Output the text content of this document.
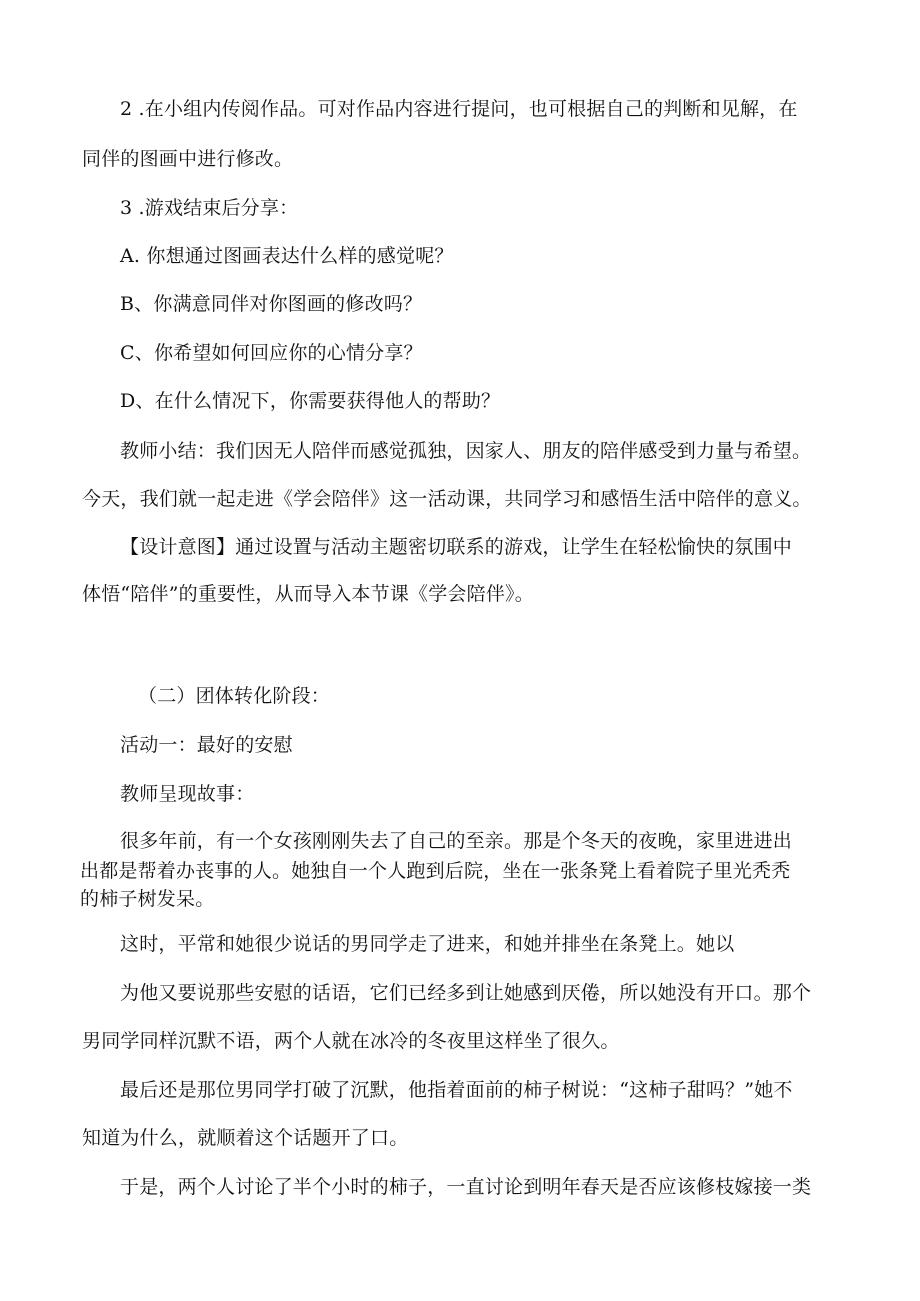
2 .在小组内传阅作品。可对作品内容进行提问，也可根据自己的判断和见解，在
同伴的图画中进行修改。
3 .游戏结束后分享：
A. 你想通过图画表达什么样的感觉呢？
B、你满意同伴对你图画的修改吗？
C、你希望如何回应你的心情分享？
D、在什么情况下，你需要获得他人的帮助？
教师小结：我们因无人陪伴而感觉孤独，因家人、朋友的陪伴感受到力量与希望。
今天，我们就一起走进《学会陪伴》这一活动课，共同学习和感悟生活中陪伴的意义。
【设计意图】通过设置与活动主题密切联系的游戏，让学生在轻松愉快的氛围中
体悟“陪伴”的重要性，从而导入本节课《学会陪伴》。
（二）团体转化阶段：
活动一：最好的安慰
教师呈现故事：
很多年前，有一个女孩刚刚失去了自己的至亲。那是个冬天的夜晚，家里进进出
出都是帮着办丧事的人。她独自一个人跑到后院，坐在一张条凳上看着院子里光秃秃
的柿子树发呆。
这时，平常和她很少说话的男同学走了进来，和她并排坐在条凳上。她以
为他又要说那些安慰的话语，它们已经多到让她感到厌倦，所以她没有开口。那个
男同学同样沉默不语，两个人就在冰冷的冬夜里这样坐了很久。
最后还是那位男同学打破了沉默，他指着面前的柿子树说：“这柿子甜吗？”她不
知道为什么，就顺着这个话题开了口。
于是，两个人讨论了半个小时的柿子，一直讨论到明年春天是否应该修枝嫁接一类
